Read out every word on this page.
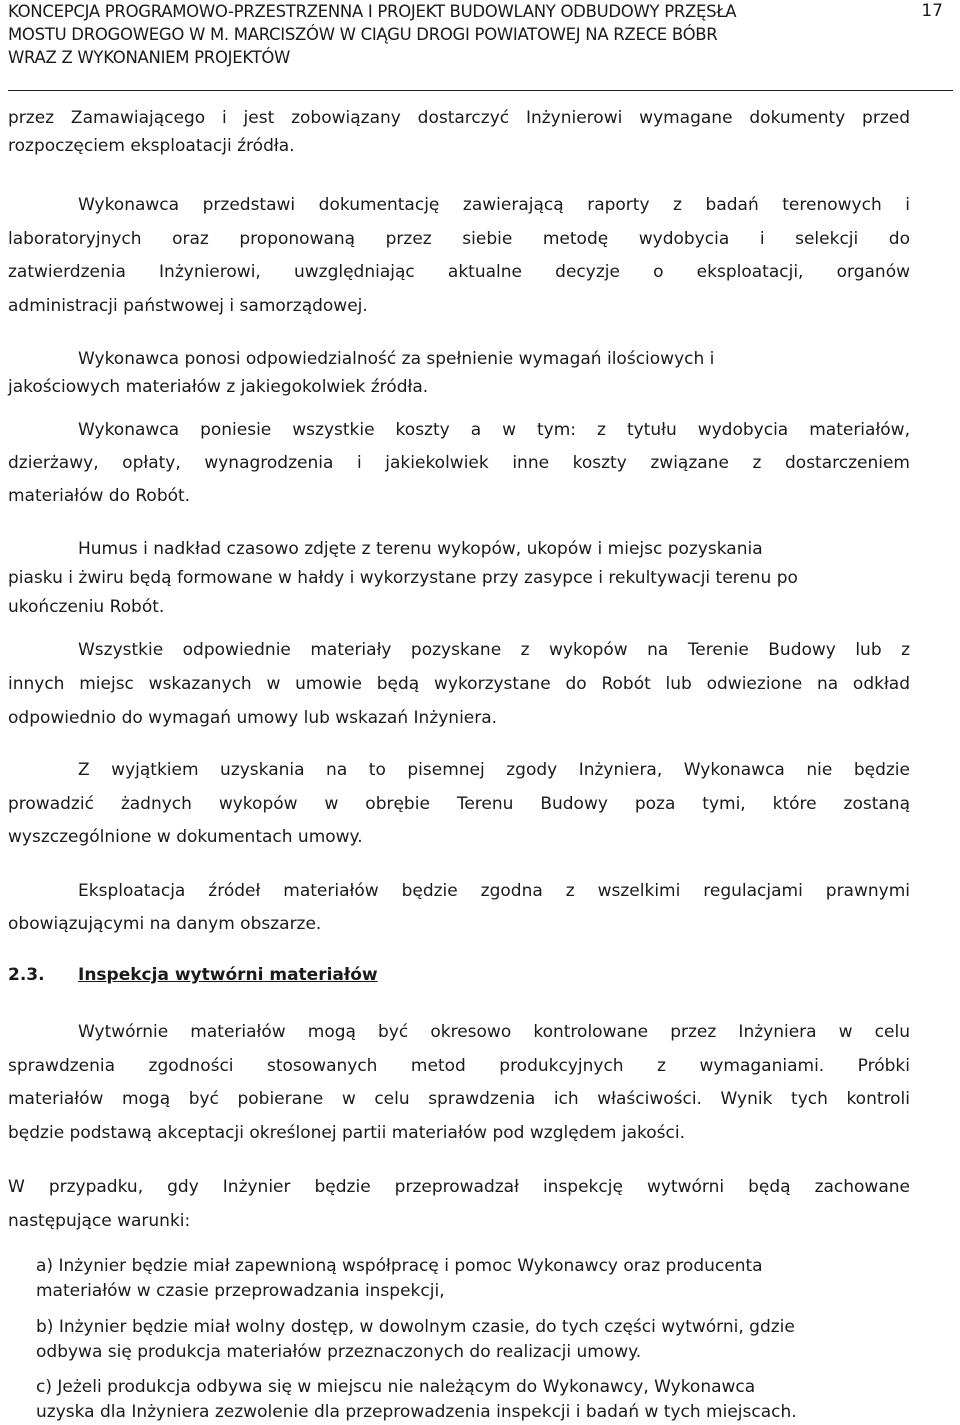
KONCEPCJA PROGRAMOWO-PRZESTRZENNA I PROJEKT BUDOWLANY ODBUDOWY PRZĘSŁA
MOSTU DROGOWEGO W M. MARCISZÓW W CIĄGU DROGI POWIATOWEJ NA RZECE BÓBR
WRAZ Z WYKONANIEM PROJEKTÓW
17
przez Zamawiającego i jest zobowiązany dostarczyć Inżynierowi wymagane dokumenty przed
rozpoczęciem eksploatacji źródła.
Wykonawca przedstawi dokumentację zawierającą raporty z badań terenowych i
laboratoryjnych oraz proponowaną przez siebie metodę wydobycia i selekcji do
zatwierdzenia Inżynierowi, uwzględniając aktualne decyzje o eksploatacji, organów
administracji państwowej i samorządowej.
Wykonawca ponosi odpowiedzialność za spełnienie wymagań ilościowych i
jakościowych materiałów z jakiegokolwiek źródła.
Wykonawca poniesie wszystkie koszty a w tym: z tytułu wydobycia materiałów,
dzierżawy, opłaty, wynagrodzenia i jakiekolwiek inne koszty związane z dostarczeniem
materiałów do Robót.
Humus i nadkład czasowo zdjęte z terenu wykopów, ukopów i miejsc pozyskania
piasku i żwiru będą formowane w hałdy i wykorzystane przy zasypce i rekultywacji terenu po
ukończeniu Robót.
Wszystkie odpowiednie materiały pozyskane z wykopów na Terenie Budowy lub z
innych miejsc wskazanych w umowie będą wykorzystane do Robót lub odwiezione na odkład
odpowiednio do wymagań umowy lub wskazań Inżyniera.
Z wyjątkiem uzyskania na to pisemnej zgody Inżyniera, Wykonawca nie będzie
prowadzić żadnych wykopów w obrębie Terenu Budowy poza tymi, które zostaną
wyszczególnione w dokumentach umowy.
Eksploatacja źródeł materiałów będzie zgodna z wszelkimi regulacjami prawnymi
obowiązującymi na danym obszarze.
2.3. Inspekcja wytwórni materiałów
Wytwórnie materiałów mogą być okresowo kontrolowane przez Inżyniera w celu
sprawdzenia zgodności stosowanych metod produkcyjnych z wymaganiami. Próbki
materiałów mogą być pobierane w celu sprawdzenia ich właściwości. Wynik tych kontroli
będzie podstawą akceptacji określonej partii materiałów pod względem jakości.
W przypadku, gdy Inżynier będzie przeprowadzał inspekcję wytwórni będą zachowane
następujące warunki:
a) Inżynier będzie miał zapewnioną współpracę i pomoc Wykonawcy oraz producenta
materiałów w czasie przeprowadzania inspekcji,
b) Inżynier będzie miał wolny dostęp, w dowolnym czasie, do tych części wytwórni, gdzie
odbywa się produkcja materiałów przeznaczonych do realizacji umowy.
c) Jeżeli produkcja odbywa się w miejscu nie należącym do Wykonawcy, Wykonawca
uzyska dla Inżyniera zezwolenie dla przeprowadzenia inspekcji i badań w tych miejscach.
